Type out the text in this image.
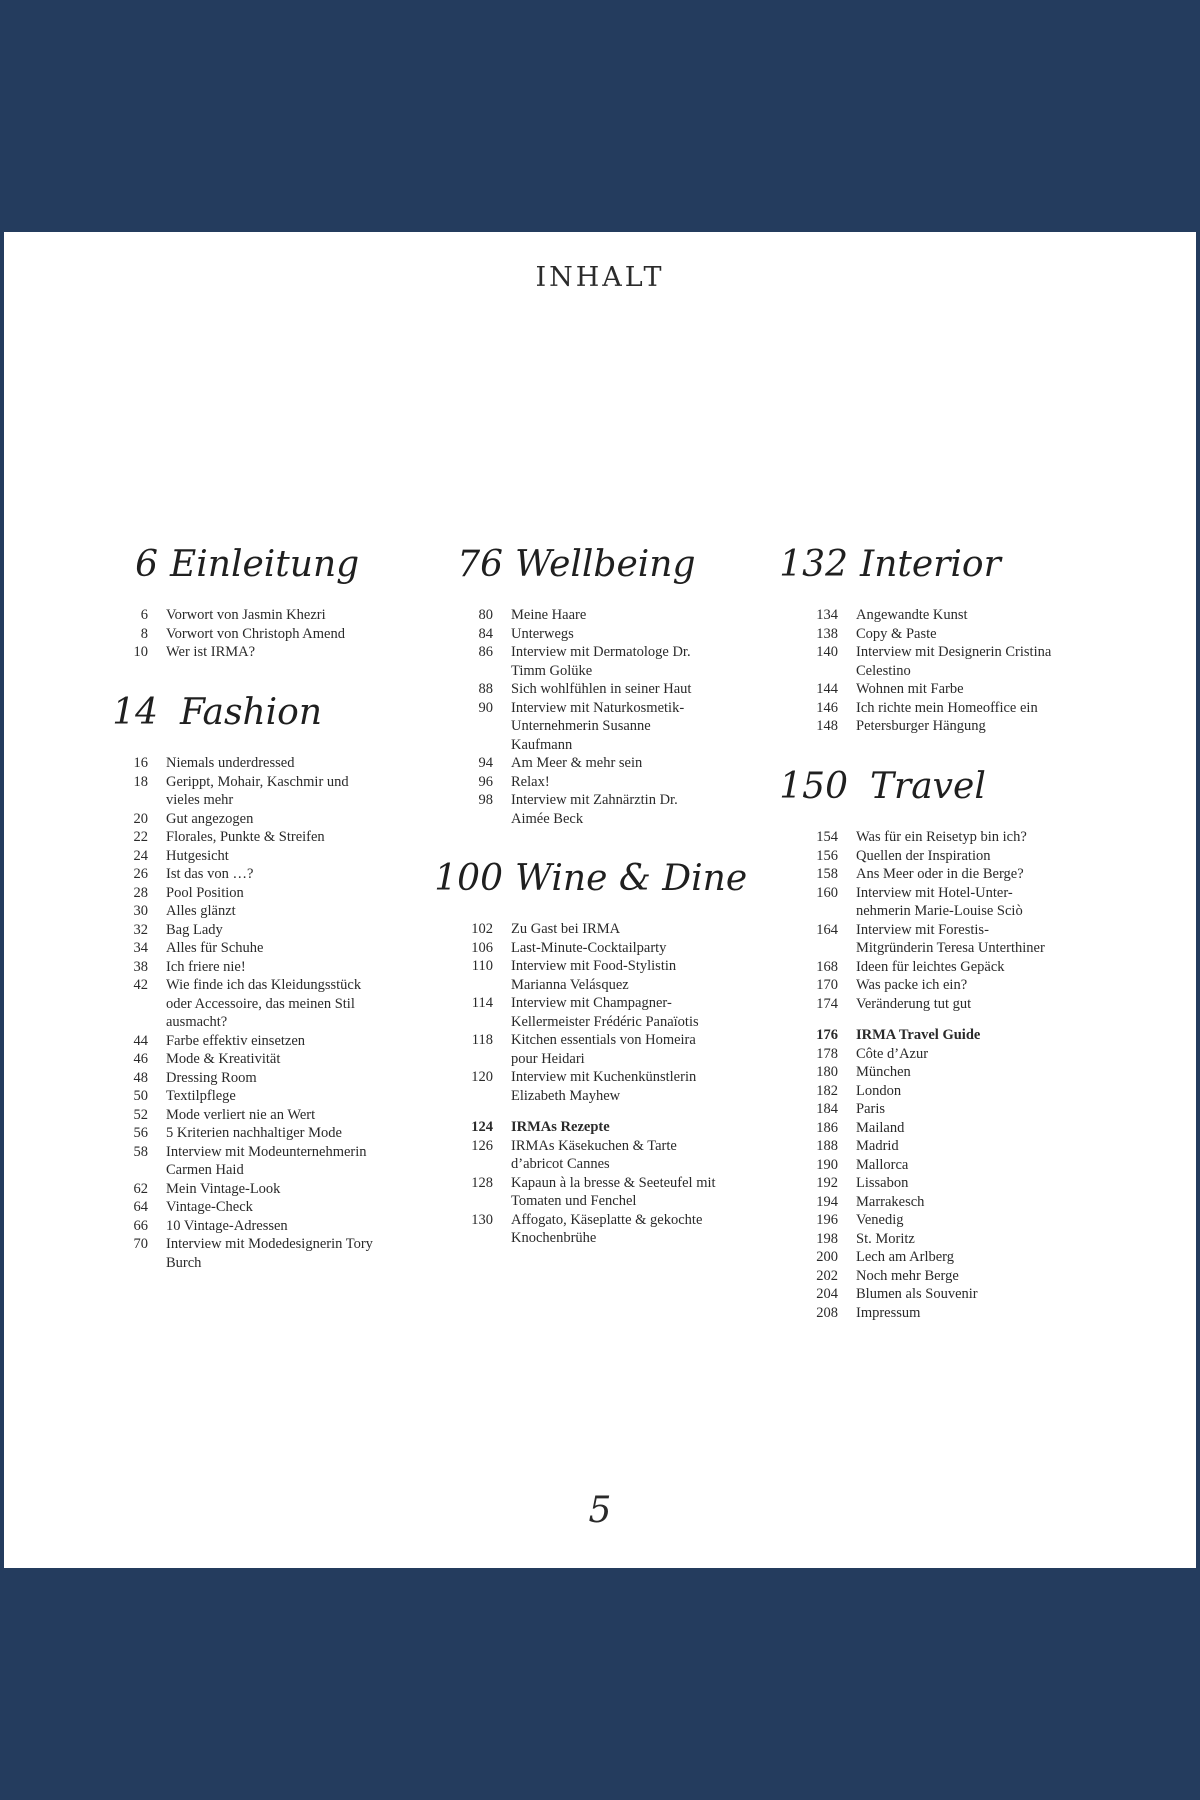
INHALT
6 Einleitung
6 Vorwort von Jasmin Khezri
8 Vorwort von Christoph Amend
10 Wer ist IRMA?
14 Fashion
16 Niemals underdressed
18 Gerippt, Mohair, Kaschmir und vieles mehr
20 Gut angezogen
22 Florales, Punkte & Streifen
24 Hutgesicht
26 Ist das von …?
28 Pool Position
30 Alles glänzt
32 Bag Lady
34 Alles für Schuhe
38 Ich friere nie!
42 Wie finde ich das Kleidungsstück oder Accessoire, das meinen Stil ausmacht?
44 Farbe effektiv einsetzen
46 Mode & Kreativität
48 Dressing Room
50 Textilpflege
52 Mode verliert nie an Wert
56 5 Kriterien nachhaltiger Mode
58 Interview mit Modeunternehmerin Carmen Haid
62 Mein Vintage-Look
64 Vintage-Check
66 10 Vintage-Adressen
70 Interview mit Modedesignerin Tory Burch
76 Wellbeing
80 Meine Haare
84 Unterwegs
86 Interview mit Dermatologe Dr. Timm Golüke
88 Sich wohlfühlen in seiner Haut
90 Interview mit Naturkosmetik-Unternehmerin Susanne Kaufmann
94 Am Meer & mehr sein
96 Relax!
98 Interview mit Zahnärztin Dr. Aimée Beck
100 Wine & Dine
102 Zu Gast bei IRMA
106 Last-Minute-Cocktailparty
110 Interview mit Food-Stylistin Marianna Velásquez
114 Interview mit Champagner-Kellermeister Frédéric Panaïotis
118 Kitchen essentials von Homeira pour Heidari
120 Interview mit Kuchenkünstlerin Elizabeth Mayhew
124 IRMAs Rezepte
126 IRMAs Käsekuchen & Tarte d’abricot Cannes
128 Kapaun à la bresse & Seeteufel mit Tomaten und Fenchel
130 Affogato, Käseplatte & gekochte Knochenbrühe
132 Interior
134 Angewandte Kunst
138 Copy & Paste
140 Interview mit Designerin Cristina Celestino
144 Wohnen mit Farbe
146 Ich richte mein Homeoffice ein
148 Petersburger Hängung
150 Travel
154 Was für ein Reisetyp bin ich?
156 Quellen der Inspiration
158 Ans Meer oder in die Berge?
160 Interview mit Hotel-Unter- nehmerin Marie-Louise Sciò
164 Interview mit Forestis- Mitgründerin Teresa Unterthiner
168 Ideen für leichtes Gepäck
170 Was packe ich ein?
174 Veränderung tut gut
176 IRMA Travel Guide
178 Côte d’Azur
180 München
182 London
184 Paris
186 Mailand
188 Madrid
190 Mallorca
192 Lissabon
194 Marrakesch
196 Venedig
198 St. Moritz
200 Lech am Arlberg
202 Noch mehr Berge
204 Blumen als Souvenir
208 Impressum
5
